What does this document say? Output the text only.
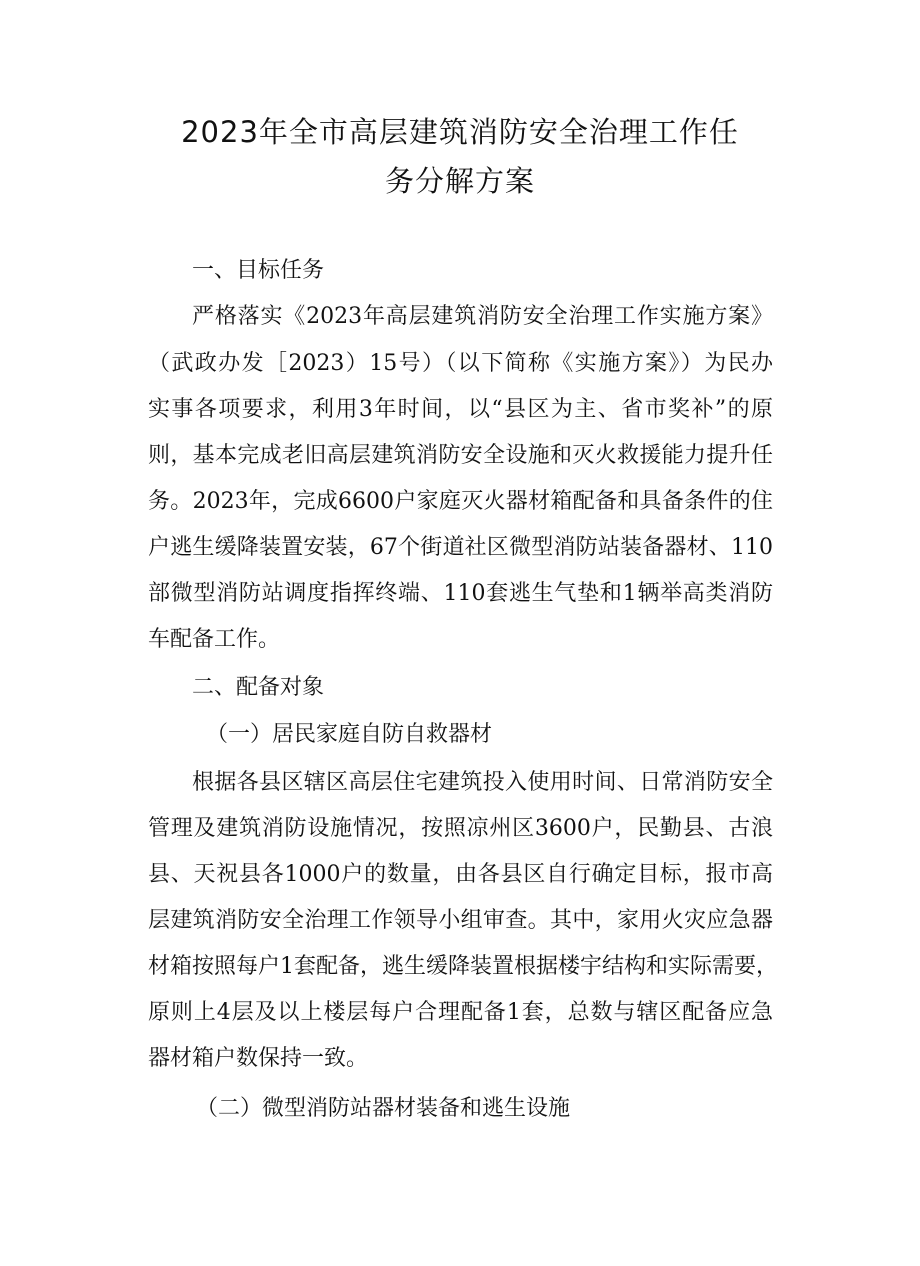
2023年全市高层建筑消防安全治理工作任
务分解方案

一、目标任务

严格落实《2023年高层建筑消防安全治理工作实施方案》

（武政办发［2023）15号）（以下简称《实施方案》）为民办

实事各项要求，利用3年时间，以“县区为主、省市奖补”的原

则，基本完成老旧高层建筑消防安全设施和灭火救援能力提升任

务。2023年，完成6600户家庭灭火器材箱配备和具备条件的住

户逃生缓降装置安装，67个街道社区微型消防站装备器材、110

部微型消防站调度指挥终端、110套逃生气垫和1辆举高类消防

车配备工作。

二、配备对象

（一）居民家庭自防自救器材

根据各县区辖区高层住宅建筑投入使用时间、日常消防安全

管理及建筑消防设施情况，按照凉州区3600户，民勤县、古浪

县、天祝县各1000户的数量，由各县区自行确定目标，报市高

层建筑消防安全治理工作领导小组审查。其中，家用火灾应急器

材箱按照每户1套配备，逃生缓降装置根据楼宇结构和实际需要，

原则上4层及以上楼层每户合理配备1套，总数与辖区配备应急

器材箱户数保持一致。

（二）微型消防站器材装备和逃生设施
